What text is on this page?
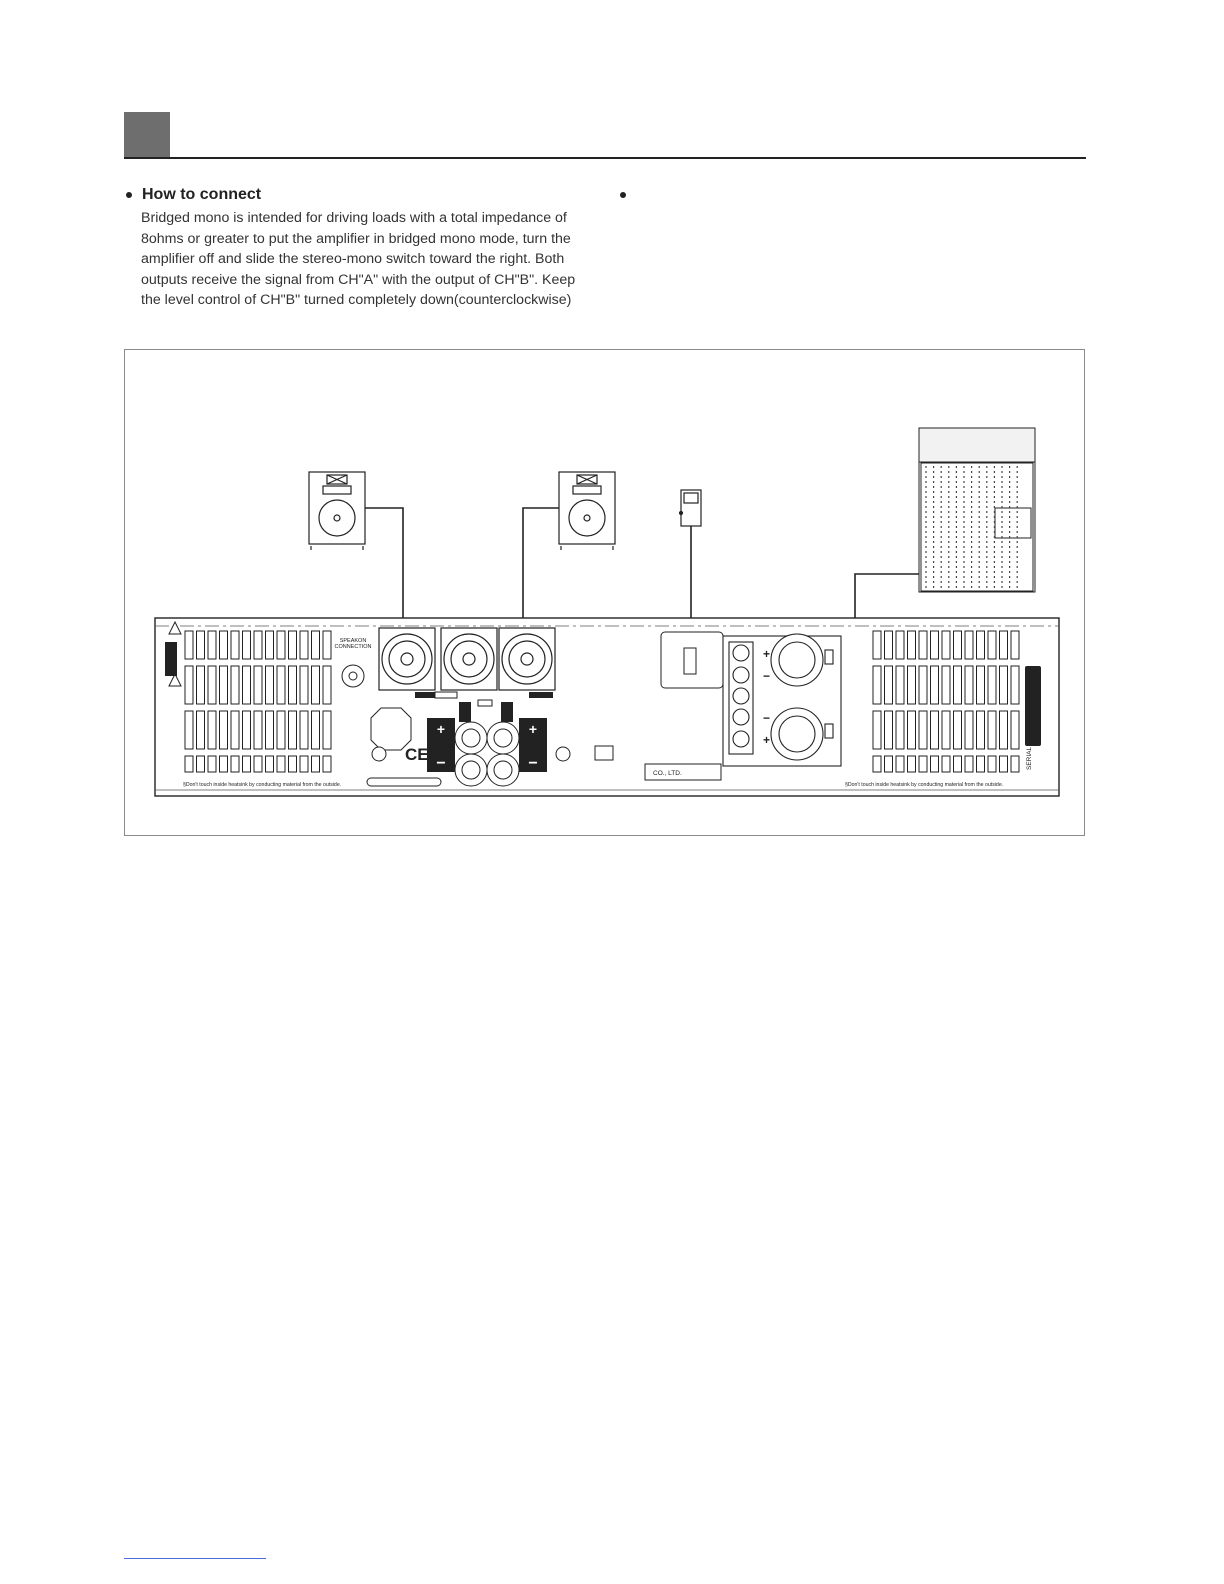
How to connect

Bridged mono is intended for driving loads with a total impedance of 8ohms or greater to put the amplifier in bridged mono mode, turn the amplifier off and slide the stereo-mono switch toward the right. Both outputs receive the signal from CH"A" with the output of CH"B". Keep the level control of CH"B" turned completely down(counterclockwise)

SPEAKON
CONNECTION
+
−
+
−
CE
CO., LTD.
+
−
−
+	SERIAL NO.
§Don't touch inside heatsink by conducting material from the outside.	§Don't touch inside heatsink by conducting material from the outside.
